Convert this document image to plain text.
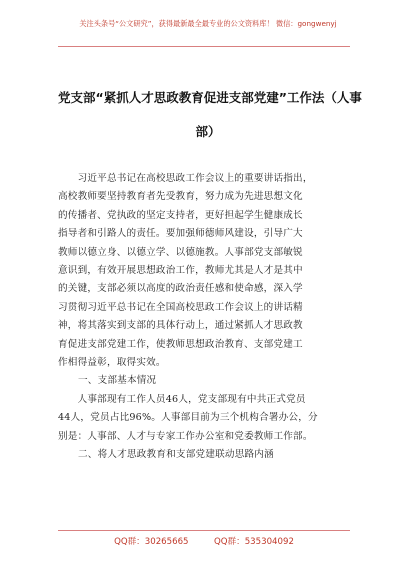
关注头条号“公文研究”，获得最新最全最专业的公文资料库！ 微信：gongwenyj
党支部“紧抓人才思政教育促进支部党建”工作法（人事
部）
　　习近平总书记在高校思政工作会议上的重要讲话指出，
高校教师要坚持教育者先受教育，努力成为先进思想文化
的传播者、党执政的坚定支持者，更好担起学生健康成长
指导者和引路人的责任。要加强师德师风建设，引导广大
教师以德立身、以德立学、以德施教。人事部党支部敏锐
意识到，有效开展思想政治工作，教师尤其是人才是其中
的关键，支部必须以高度的政治责任感和使命感，深入学
习贯彻习近平总书记在全国高校思政工作会议上的讲话精
神，将其落实到支部的具体行动上，通过紧抓人才思政教
育促进支部党建工作，使教师思想政治教育、支部党建工
作相得益彰，取得实效。
一、支部基本情况
　　人事部现有工作人员46人，党支部现有中共正式党员
44人，党员占比96%。人事部目前为三个机构合署办公，分
别是：人事部、人才与专家工作办公室和党委教师工作部。
二、将人才思政教育和支部党建联动思路内涵
QQ群：30265665	QQ群：535304092
